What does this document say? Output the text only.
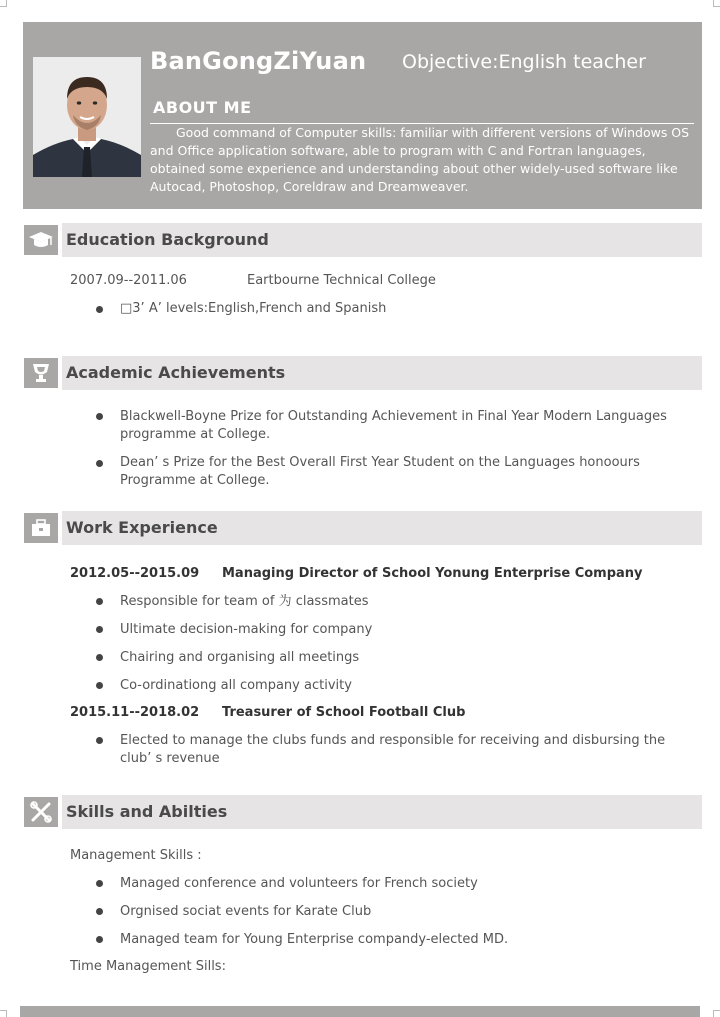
BanGongZiYuan Objective:English teacher
ABOUT ME
Good command of Computer skills: familiar with different versions of Windows OS and Office application software, able to program with C and Fortran languages, obtained some experience and understanding about other widely-used software like Autocad, Photoshop, Coreldraw and Dreamweaver.
Education Background
2007.09--2011.06	Eartbourne Technical College
□3’ A’ levels:English,French and Spanish
Academic Achievements
Blackwell-Boyne Prize for Outstanding Achievement in Final Year Modern Languages programme at College.
Dean’ s Prize for the Best Overall First Year Student on the Languages honoours Programme at College.
Work Experience
2012.05--2015.09 Managing Director of School Yonung Enterprise Company
Responsible for team of 为 classmates
Ultimate decision-making for company
Chairing and organising all meetings
Co-ordinationg all company activity
2015.11--2018.02 Treasurer of School Football Club
Elected to manage the clubs funds and responsible for receiving and disbursing the club’ s revenue
Skills and Abilties
Management Skills :
Managed conference and volunteers for French society
Orgnised sociat events for Karate Club
Managed team for Young Enterprise compandy-elected MD.
Time Management Sills:
